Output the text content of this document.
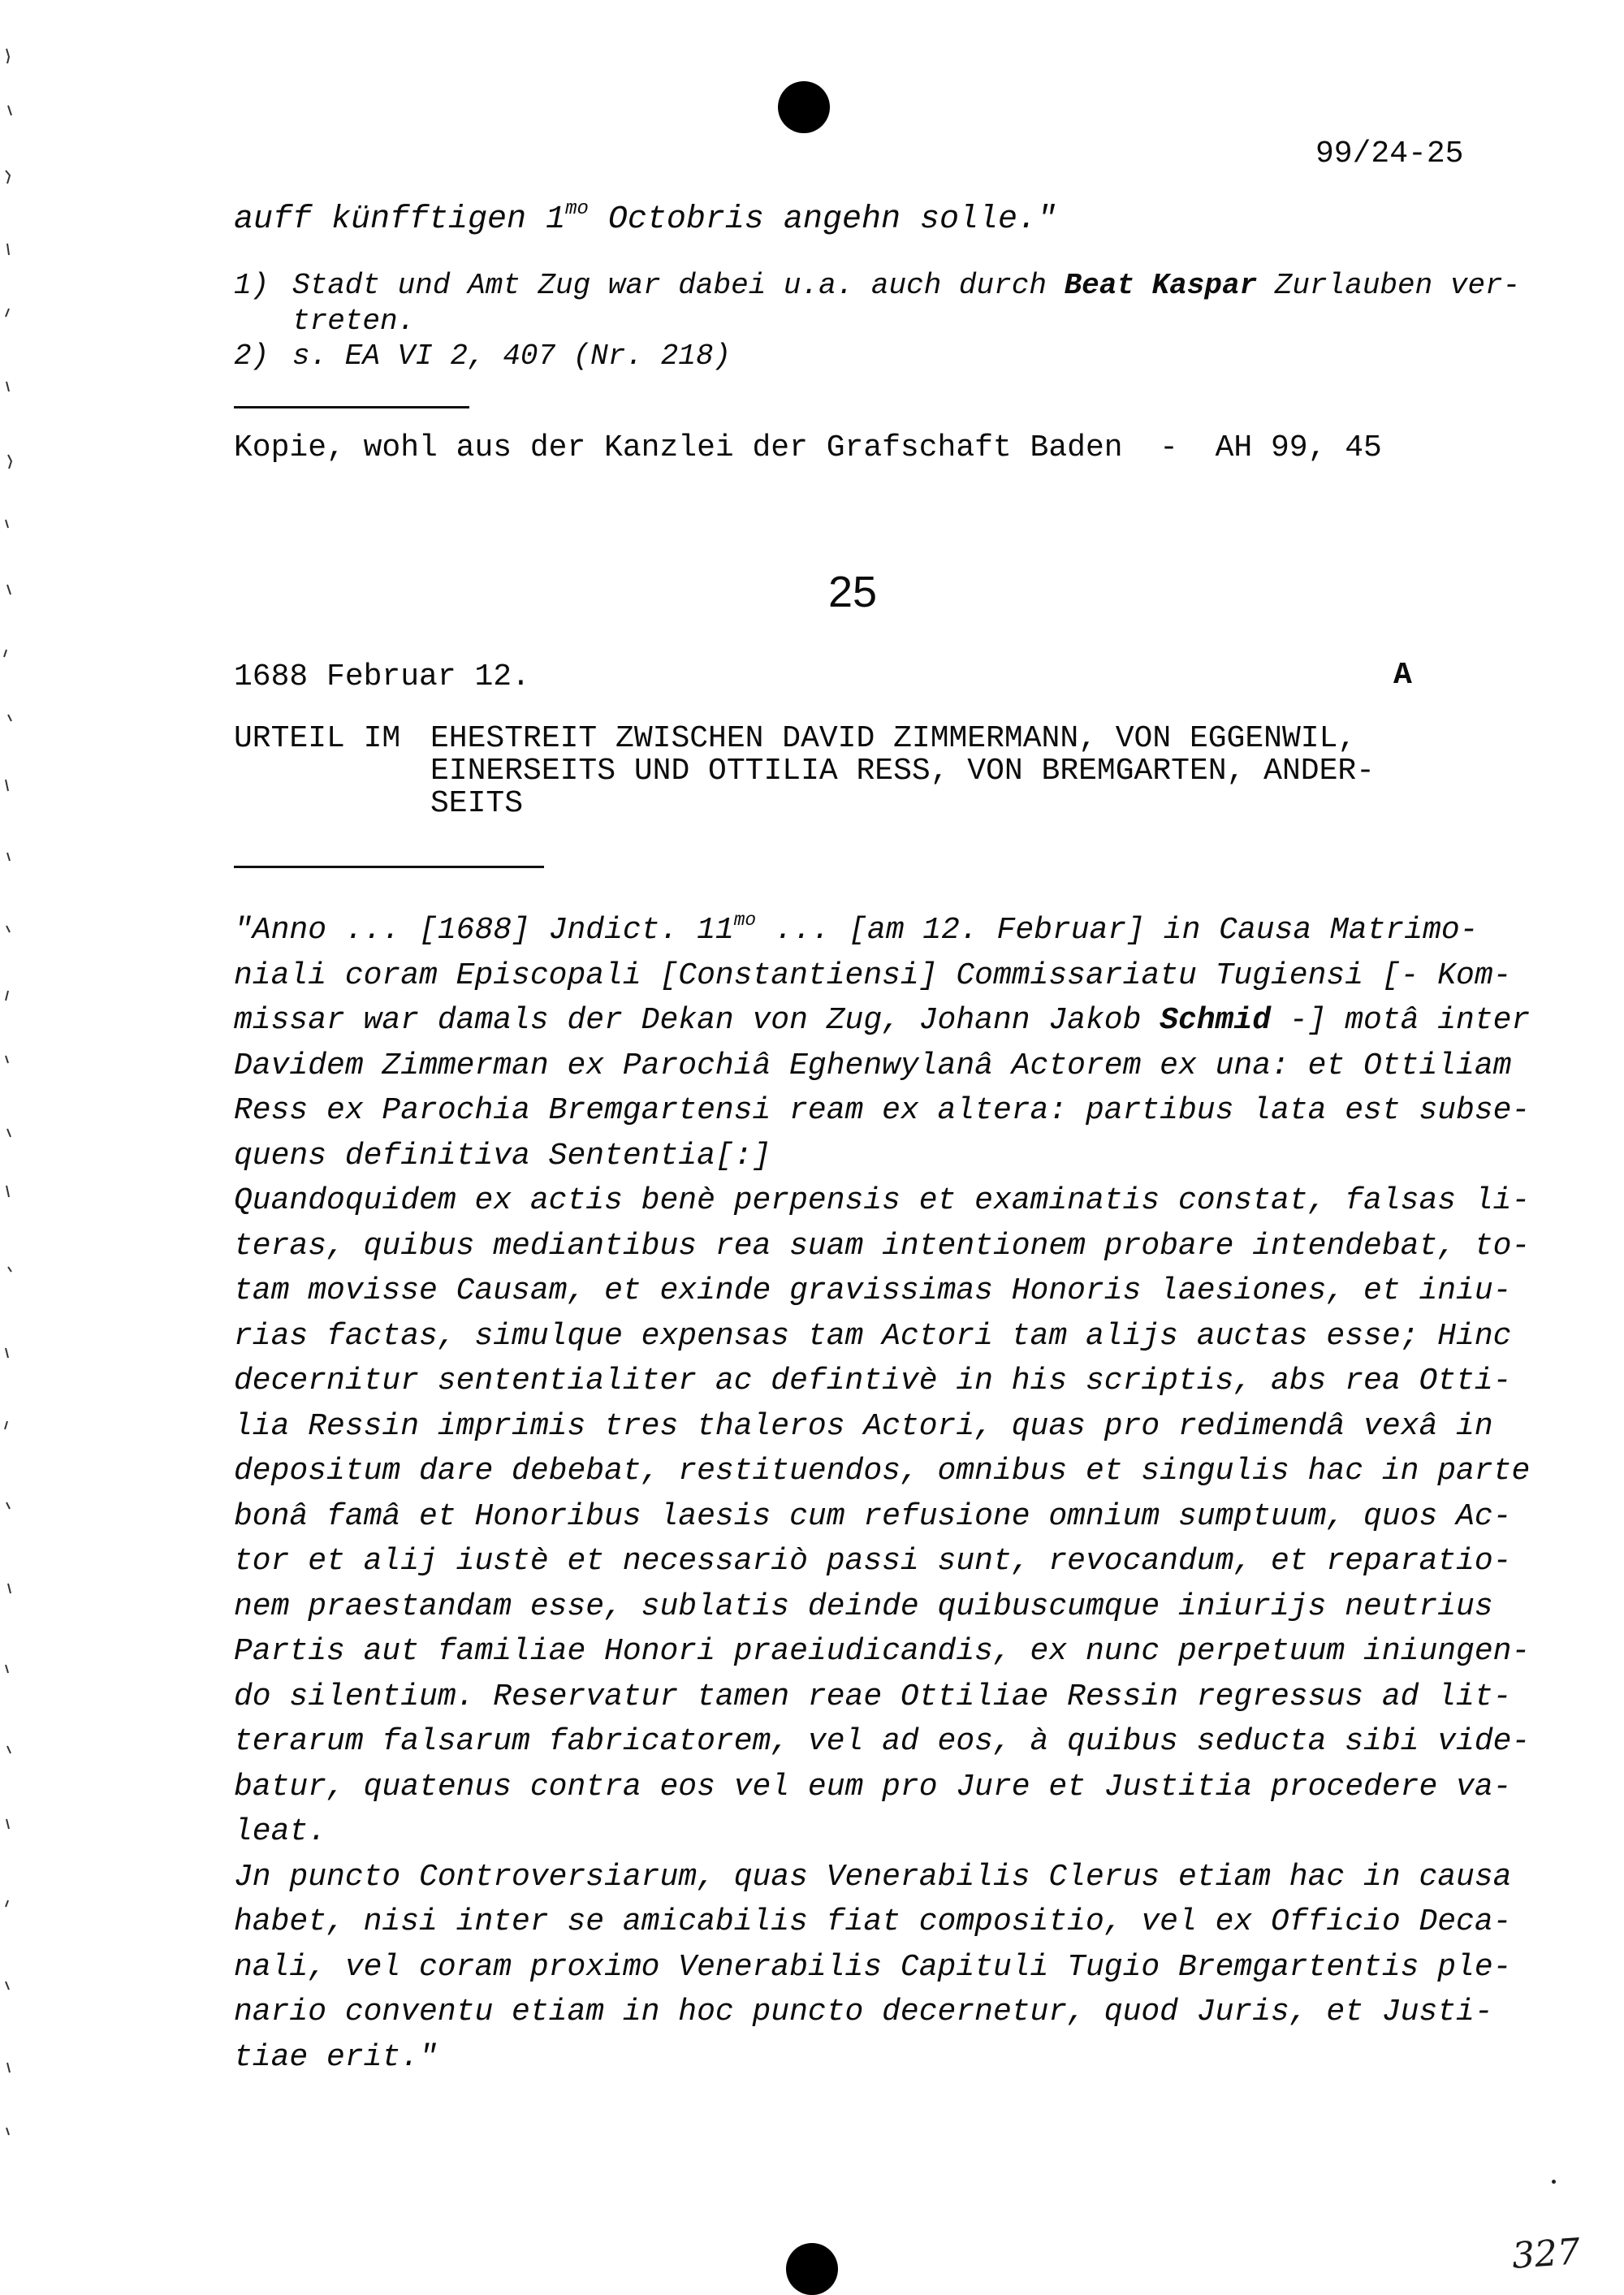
99/24-25
auff künfftigen $1^{mo}$ Octobris angehn solle."
1) Stadt und Amt Zug war dabei u.a. auch durch Beat Kaspar Zurlauben ver-
treten.
2) s. EA VI 2, 407 (Nr. 218)
Kopie, wohl aus der Kanzlei der Grafschaft Baden  -  AH 99, 45
25
1688 Februar 12.	A
URTEIL IM EHESTREIT ZWISCHEN DAVID ZIMMERMANN, VON EGGENWIL,
EINERSEITS UND OTTILIA RESS, VON BREMGARTEN, ANDER-
SEITS
"Anno ... [1688] Jndict. $11^{mo}$ ... [am 12. Februar] in Causa Matrimo-
niali coram Episcopali [Constantiensi] Commissariatu Tugiensi [- Kom-
missar war damals der Dekan von Zug, Johann Jakob Schmid -] motâ inter
Davidem Zimmerman ex Parochiâ Eghenwylanâ Actorem ex una: et Ottiliam
Ress ex Parochia Bremgartensi ream ex altera: partibus lata est subse-
quens definitiva Sententia[:]
Quandoquidem ex actis benè perpensis et examinatis constat, falsas li-
teras, quibus mediantibus rea suam intentionem probare intendebat, to-
tam movisse Causam, et exinde gravissimas Honoris laesiones, et iniu-
rias factas, simulque expensas tam Actori tam alijs auctas esse; Hinc
decernitur sententialiter ac defintivè in his scriptis, abs rea Otti-
lia Ressin imprimis tres thaleros Actori, quas pro redimendâ vexâ in
depositum dare debebat, restituendos, omnibus et singulis hac in parte
bonâ famâ et Honoribus laesis cum refusione omnium sumptuum, quos Ac-
tor et alij iustè et necessariò passi sunt, revocandum, et reparatio-
nem praestandam esse, sublatis deinde quibuscumque iniurijs neutrius
Partis aut familiae Honori praeiudicandis, ex nunc perpetuum iniungen-
do silentium. Reservatur tamen reae Ottiliae Ressin regressus ad lit-
terarum falsarum fabricatorem, vel ad eos, à quibus seducta sibi vide-
batur, quatenus contra eos vel eum pro Jure et Justitia procedere va-
leat.
Jn puncto Controversiarum, quas Venerabilis Clerus etiam hac in causa
habet, nisi inter se amicabilis fiat compositio, vel ex Officio Deca-
nali, vel coram proximo Venerabilis Capituli Tugio Bremgartentis ple-
nario conventu etiam in hoc puncto decernetur, quod Juris, et Justi-
tiae erit."
327
